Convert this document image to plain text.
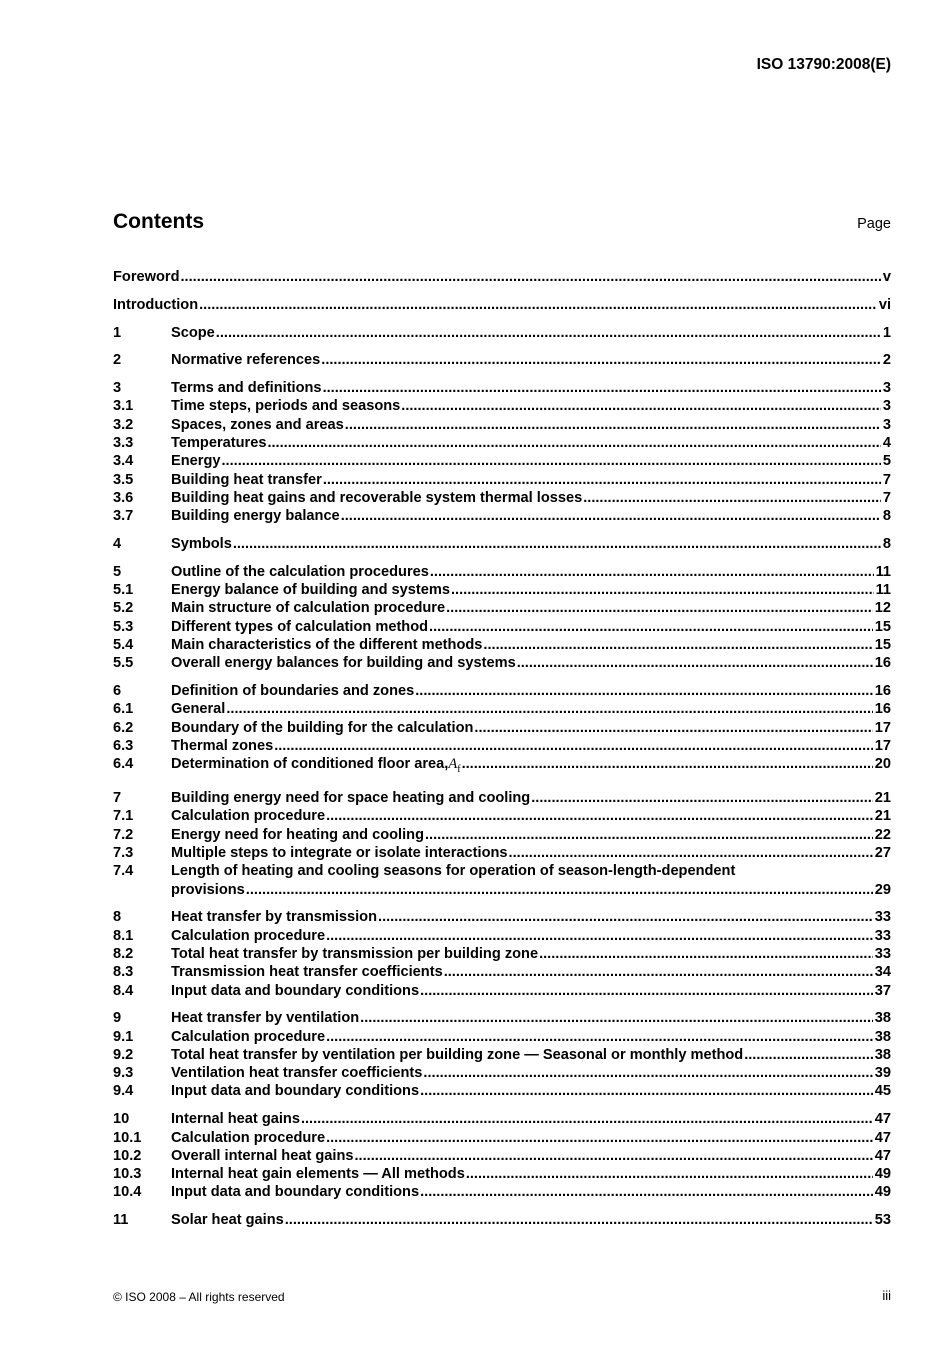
ISO 13790:2008(E)
Contents	Page
Foreword .....	v
Introduction .....	vi
1	Scope .....	1
2	Normative references .....	2
3	Terms and definitions .....	3
3.1	Time steps, periods and seasons .....	3
3.2	Spaces, zones and areas .....	3
3.3	Temperatures .....	4
3.4	Energy .....	5
3.5	Building heat transfer .....	7
3.6	Building heat gains and recoverable system thermal losses .....	7
3.7	Building energy balance .....	8
4	Symbols .....	8
5	Outline of the calculation procedures .....	11
5.1	Energy balance of building and systems .....	11
5.2	Main structure of calculation procedure .....	12
5.3	Different types of calculation method .....	15
5.4	Main characteristics of the different methods .....	15
5.5	Overall energy balances for building and systems .....	16
6	Definition of boundaries and zones .....	16
6.1	General .....	16
6.2	Boundary of the building for the calculation .....	17
6.3	Thermal zones .....	17
6.4	Determination of conditioned floor area, $A_f$ .....	20
7	Building energy need for space heating and cooling .....	21
7.1	Calculation procedure .....	21
7.2	Energy need for heating and cooling .....	22
7.3	Multiple steps to integrate or isolate interactions .....	27
7.4	Length of heating and cooling seasons for operation of season-length-dependent
provisions .....	29
8	Heat transfer by transmission .....	33
8.1	Calculation procedure .....	33
8.2	Total heat transfer by transmission per building zone .....	33
8.3	Transmission heat transfer coefficients .....	34
8.4	Input data and boundary conditions .....	37
9	Heat transfer by ventilation .....	38
9.1	Calculation procedure .....	38
9.2	Total heat transfer by ventilation per building zone — Seasonal or monthly method .....	38
9.3	Ventilation heat transfer coefficients .....	39
9.4	Input data and boundary conditions .....	45
10	Internal heat gains .....	47
10.1	Calculation procedure .....	47
10.2	Overall internal heat gains .....	47
10.3	Internal heat gain elements — All methods .....	49
10.4	Input data and boundary conditions .....	49
11	Solar heat gains .....	53
© ISO 2008 – All rights reserved	iii
